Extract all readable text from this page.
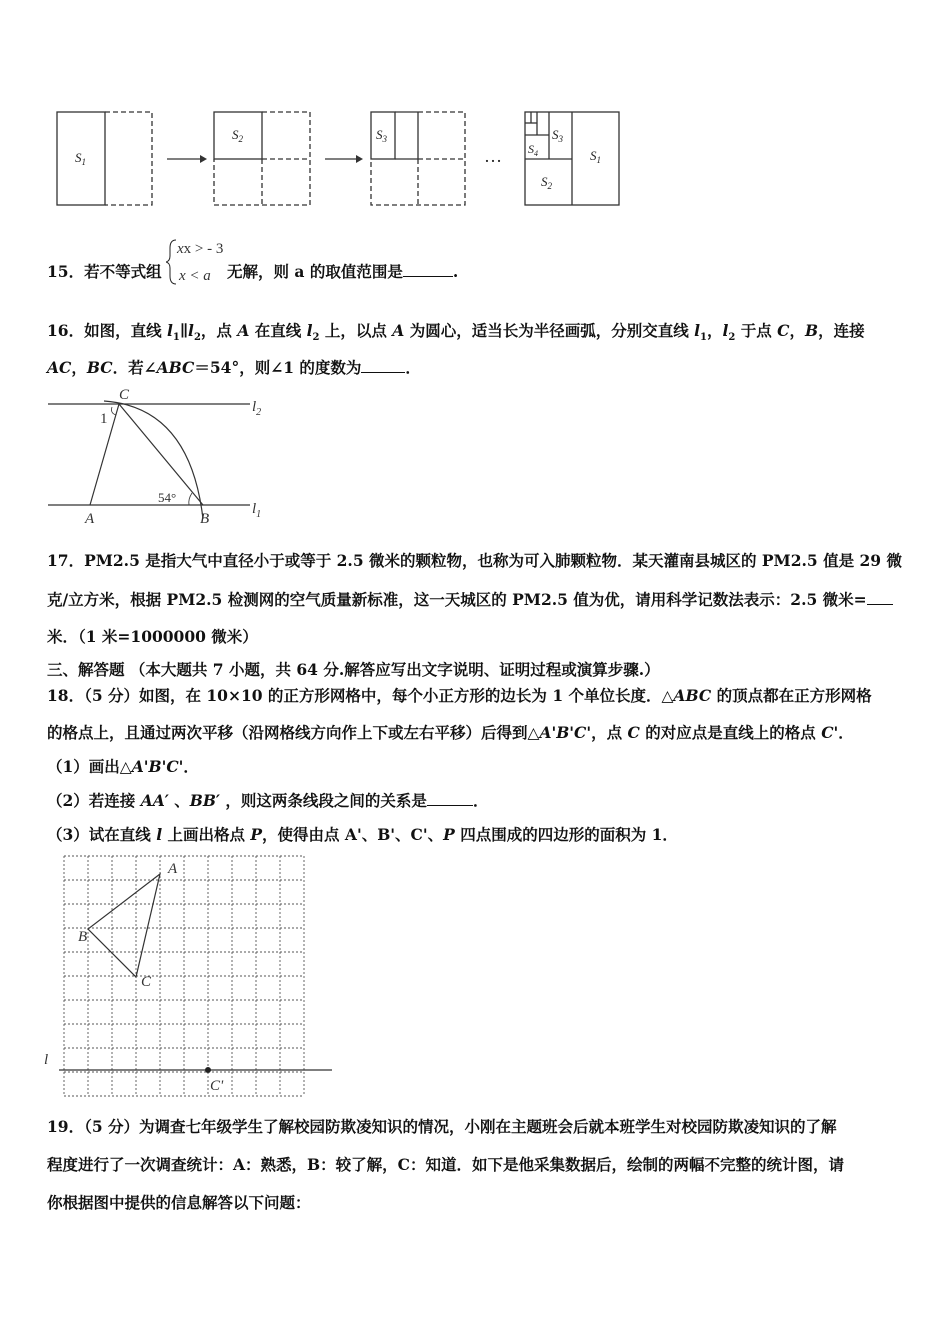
$S_1$
$S_2$	$S_3$	$S_3$
$S_4$
$S_2$
$S_1$
…
15．若不等式组
xx > - 3
x < a 无解，则 a 的取值范围是	.
16．如图，直线 $l_1\parallel l_2$，点 A 在直线 $l_2$ 上，以点 A 为圆心，适当长为半径画弧，分别交直线 $l_1$，$l_2$ 于点 C，B，连接
AC，BC．若∠ABC＝54°，则∠1 的度数为	．
C
$l_2$
1
54°
A	B
$l_1$
17．PM2.5 是指大气中直径小于或等于 2.5 微米的颗粒物，也称为可入肺颗粒物．某天灌南县城区的 PM2.5 值是 29 微
克/立方米，根据 PM2.5 检测网的空气质量新标准，这一天城区的 PM2.5 值为优，请用科学记数法表示：2.5 微米=
米．（1 米=1000000 微米）
三、解答题 （本大题共 7 小题，共 64 分.解答应写出文字说明、证明过程或演算步骤.）
18．（5 分）如图，在 10×10 的正方形网格中，每个小正方形的边长为 1 个单位长度．△ABC 的顶点都在正方形网格
的格点上，且通过两次平移（沿网格线方向作上下或左右平移）后得到△A'B'C'，点 C 的对应点是直线上的格点 C'．
（1）画出△A'B'C'．
（2）若连接 AA′ 、BB′ ，则这两条线段之间的关系是	．
（3）试在直线 l 上画出格点 P，使得由点 A'、B'、C'、P 四点围成的四边形的面积为 1．
A
B
C
l
C'
19．（5 分）为调查七年级学生了解校园防欺凌知识的情况，小刚在主题班会后就本班学生对校园防欺凌知识的了解
程度进行了一次调查统计：A：熟悉，B：较了解，C：知道．如下是他采集数据后，绘制的两幅不完整的统计图，请
你根据图中提供的信息解答以下问题：
